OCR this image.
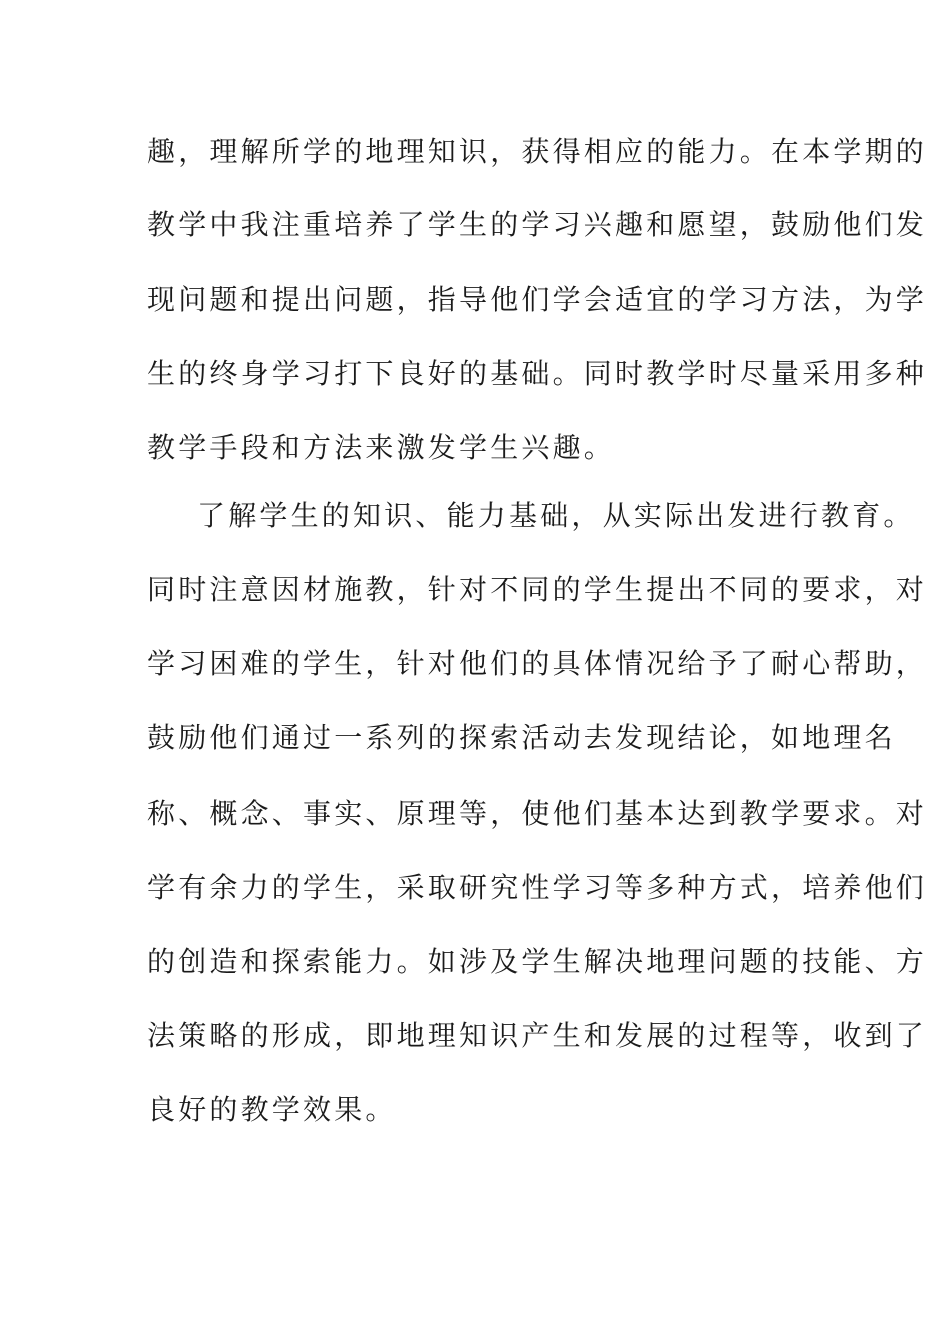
趣，理解所学的地理知识，获得相应的能力。在本学期的
教学中我注重培养了学生的学习兴趣和愿望，鼓励他们发
现问题和提出问题，指导他们学会适宜的学习方法，为学
生的终身学习打下良好的基础。同时教学时尽量采用多种
教学手段和方法来激发学生兴趣。
了解学生的知识、能力基础，从实际出发进行教育。
同时注意因材施教，针对不同的学生提出不同的要求，对
学习困难的学生，针对他们的具体情况给予了耐心帮助，
鼓励他们通过一系列的探索活动去发现结论，如地理名
称、概念、事实、原理等，使他们基本达到教学要求。对
学有余力的学生，采取研究性学习等多种方式，培养他们
的创造和探索能力。如涉及学生解决地理问题的技能、方
法策略的形成，即地理知识产生和发展的过程等，收到了
良好的教学效果。
